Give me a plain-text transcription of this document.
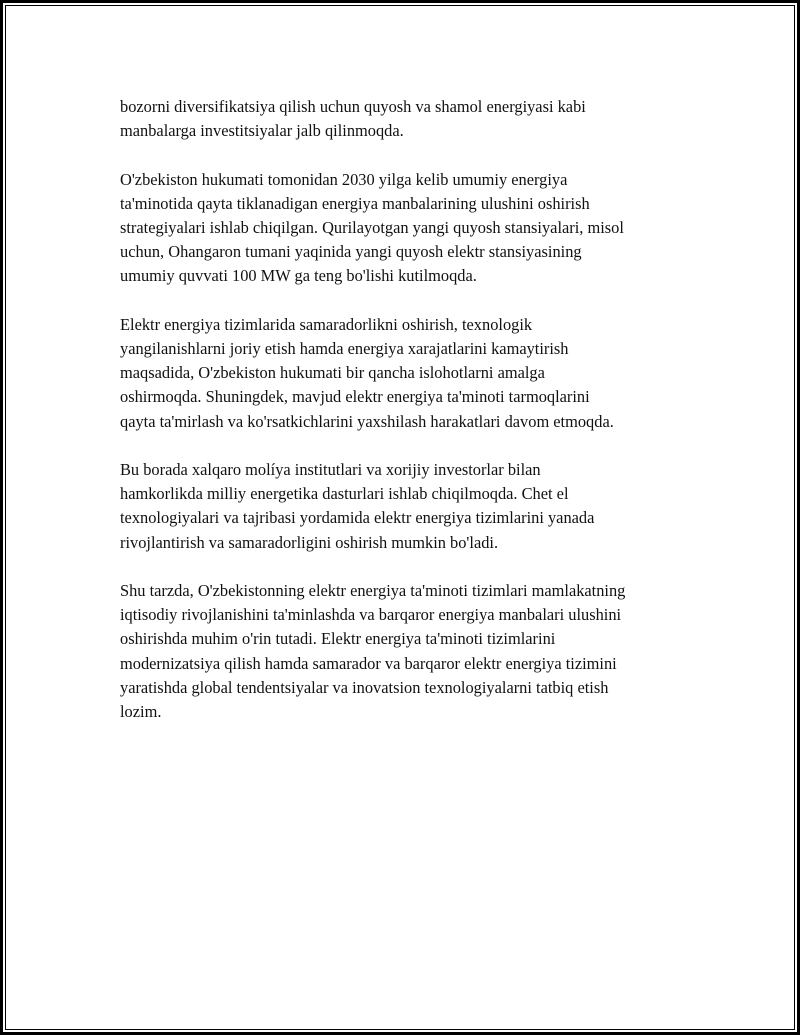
bozorni diversifikatsiya qilish uchun quyosh va shamol energiyasi kabi
manbalarga investitsiyalar jalb qilinmoqda.

O'zbekiston hukumati tomonidan 2030 yilga kelib umumiy energiya
ta'minotida qayta tiklanadigan energiya manbalarining ulushini oshirish
strategiyalari ishlab chiqilgan. Qurilayotgan yangi quyosh stansiyalari, misol
uchun, Ohangaron tumani yaqinida yangi quyosh elektr stansiyasining
umumiy quvvati 100 MW ga teng bo'lishi kutilmoqda.

Elektr energiya tizimlarida samaradorlikni oshirish, texnologik
yangilanishlarni joriy etish hamda energiya xarajatlarini kamaytirish
maqsadida, O'zbekiston hukumati bir qancha islohotlarni amalga
oshirmoqda. Shuningdek, mavjud elektr energiya ta'minoti tarmoqlarini
qayta ta'mirlash va ko'rsatkichlarini yaxshilash harakatlari davom etmoqda.

Bu borada xalqaro molíya institutlari va xorijiy investorlar bilan
hamkorlikda milliy energetika dasturlari ishlab chiqilmoqda. Chet el
texnologiyalari va tajribasi yordamida elektr energiya tizimlarini yanada
rivojlantirish va samaradorligini oshirish mumkin bo'ladi.

Shu tarzda, O'zbekistonning elektr energiya ta'minoti tizimlari mamlakatning
iqtisodiy rivojlanishini ta'minlashda va barqaror energiya manbalari ulushini
oshirishda muhim o'rin tutadi. Elektr energiya ta'minoti tizimlarini
modernizatsiya qilish hamda samarador va barqaror elektr energiya tizimini
yaratishda global tendentsiyalar va inovatsion texnologiyalarni tatbiq etish
lozim.
